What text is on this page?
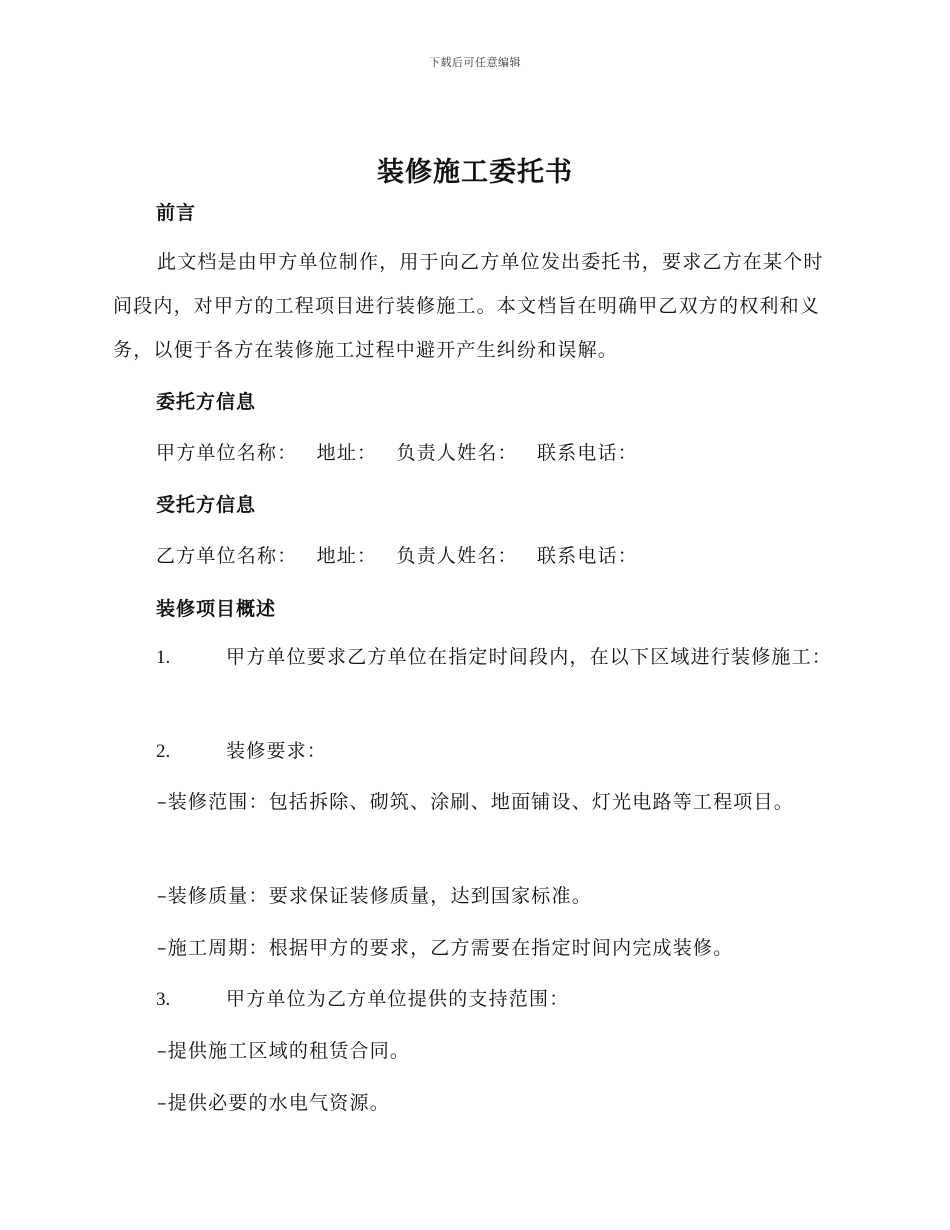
下载后可任意编辑
装修施工委托书
前言

此文档是由甲方单位制作，用于向乙方单位发出委托书，要求乙方在某个时间段内，对甲方的工程项目进行装修施工。本文档旨在明确甲乙双方的权利和义务，以便于各方在装修施工过程中避开产生纠纷和误解。

委托方信息

甲方单位名称： 地址： 负责人姓名： 联系电话：

受托方信息

乙方单位名称： 地址： 负责人姓名： 联系电话：

装修项目概述

1.	甲方单位要求乙方单位在指定时间段内，在以下区域进行装修施工：

2.	装修要求：

–装修范围：包括拆除、砌筑、涂刷、地面铺设、灯光电路等工程项目。

–装修质量：要求保证装修质量，达到国家标准。

–施工周期：根据甲方的要求，乙方需要在指定时间内完成装修。

3.	甲方单位为乙方单位提供的支持范围：

–提供施工区域的租赁合同。

–提供必要的水电气资源。
